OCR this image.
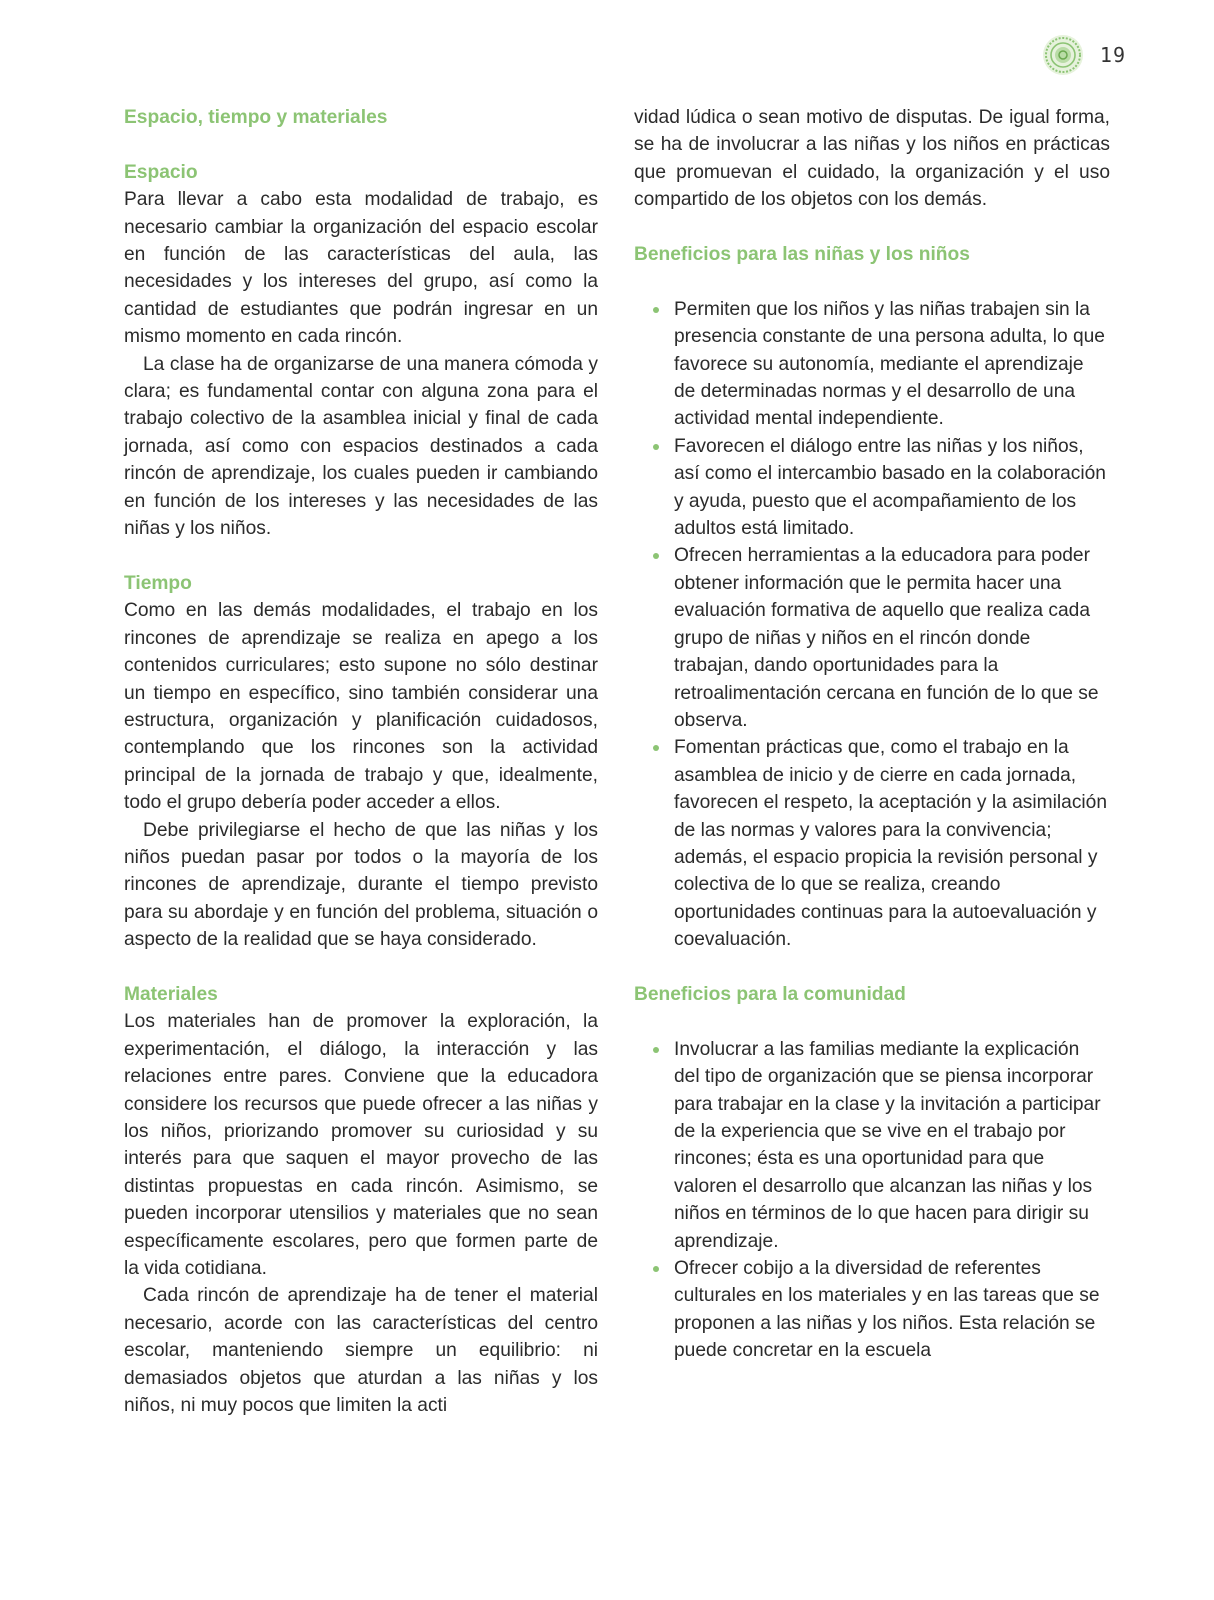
19
Espacio, tiempo y materiales
Espacio

Para llevar a cabo esta modalidad de trabajo, es necesario cambiar la organización del espacio escolar en función de las características del aula, las necesidades y los intereses del grupo, así como la cantidad de estudiantes que podrán ingresar en un mismo momento en cada rincón.

La clase ha de organizarse de una manera cómoda y clara; es fundamental contar con alguna zona para el trabajo colectivo de la asamblea inicial y final de cada jornada, así como con espacios destinados a cada rincón de aprendizaje, los cuales pueden ir cambiando en función de los intereses y las necesidades de las niñas y los niños.

Tiempo

Como en las demás modalidades, el trabajo en los rincones de aprendizaje se realiza en apego a los contenidos curriculares; esto supone no sólo destinar un tiempo en específico, sino también considerar una estructura, organización y planificación cuidadosos, contemplando que los rincones son la actividad principal de la jornada de trabajo y que, idealmente, todo el grupo debería poder acceder a ellos.

Debe privilegiarse el hecho de que las niñas y los niños puedan pasar por todos o la mayoría de los rincones de aprendizaje, durante el tiempo previsto para su abordaje y en función del problema, situación o aspecto de la realidad que se haya considerado.

Materiales

Los materiales han de promover la exploración, la experimentación, el diálogo, la interacción y las relaciones entre pares. Conviene que la educadora considere los recursos que puede ofrecer a las niñas y los niños, priorizando promover su curiosidad y su interés para que saquen el mayor provecho de las distintas propuestas en cada rincón. Asimismo, se pueden incorporar utensilios y materiales que no sean específicamente escolares, pero que formen parte de la vida cotidiana.

Cada rincón de aprendizaje ha de tener el material necesario, acorde con las características del centro escolar, manteniendo siempre un equilibrio: ni demasiados objetos que aturdan a las niñas y los niños, ni muy pocos que limiten la acti

vidad lúdica o sean motivo de disputas. De igual forma, se ha de involucrar a las niñas y los niños en prácticas que promuevan el cuidado, la organización y el uso compartido de los objetos con los demás.

Beneficios para las niñas y los niños
Permiten que los niños y las niñas trabajen sin la presencia constante de una persona adulta, lo que favorece su autonomía, mediante el aprendizaje de determinadas normas y el desarrollo de una actividad mental independiente.
Favorecen el diálogo entre las niñas y los niños, así como el intercambio basado en la colaboración y ayuda, puesto que el acompañamiento de los adultos está limitado.
Ofrecen herramientas a la educadora para poder obtener información que le permita hacer una evaluación formativa de aquello que realiza cada grupo de niñas y niños en el rincón donde trabajan, dando oportunidades para la retroalimentación cercana en función de lo que se observa.
Fomentan prácticas que, como el trabajo en la asamblea de inicio y de cierre en cada jornada, favorecen el respeto, la aceptación y la asimilación de las normas y valores para la convivencia; además, el espacio propicia la revisión personal y colectiva de lo que se realiza, creando oportunidades continuas para la autoevaluación y coevaluación.
Beneficios para la comunidad
Involucrar a las familias mediante la explicación del tipo de organización que se piensa incorporar para trabajar en la clase y la invitación a participar de la experiencia que se vive en el trabajo por rincones; ésta es una oportunidad para que valoren el desarrollo que alcanzan las niñas y los niños en términos de lo que hacen para dirigir su aprendizaje.
Ofrecer cobijo a la diversidad de referentes culturales en los materiales y en las tareas que se proponen a las niñas y los niños. Esta relación se puede concretar en la escuela
